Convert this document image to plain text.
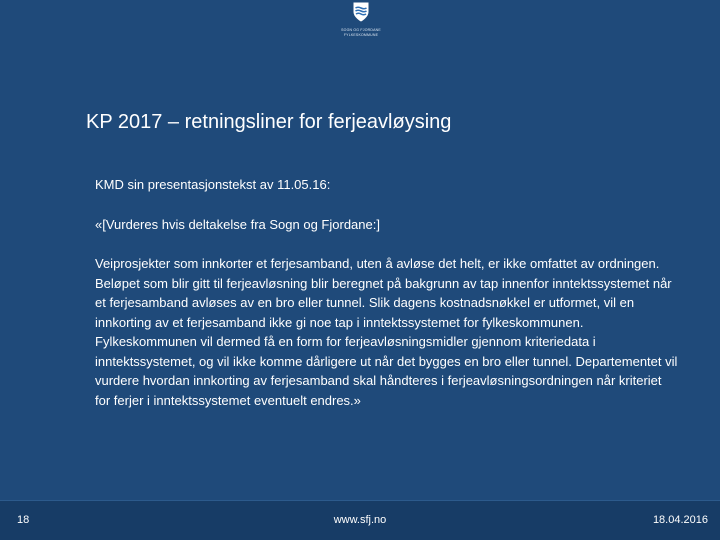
SOGN OG FJORDANE
FYLKESKOMMUNE
KP 2017 – retningsliner for ferjeavløysing

KMD sin presentasjonstekst av 11.05.16:

«[Vurderes hvis deltakelse fra Sogn og Fjordane:]

Veiprosjekter som innkorter et ferjesamband, uten å avløse det helt, er ikke omfattet av ordningen. Beløpet som blir gitt til ferjeavløsning blir beregnet på bakgrunn av tap innenfor inntektssystemet når et ferjesamband avløses av en bro eller tunnel. Slik dagens kostnadsnøkkel er utformet, vil en innkorting av et ferjesamband ikke gi noe tap i inntektssystemet for fylkeskommunen. Fylkeskommunen vil dermed få en form for ferjeavløsningsmidler gjennom kriteriedata i inntektssystemet, og vil ikke komme dårligere ut når det bygges en bro eller tunnel. Departementet vil vurdere hvordan innkorting av ferjesamband skal håndteres i ferjeavløsningsordningen når kriteriet for ferjer i inntektssystemet eventuelt endres.»

18	www.sfj.no	18.04.2016
